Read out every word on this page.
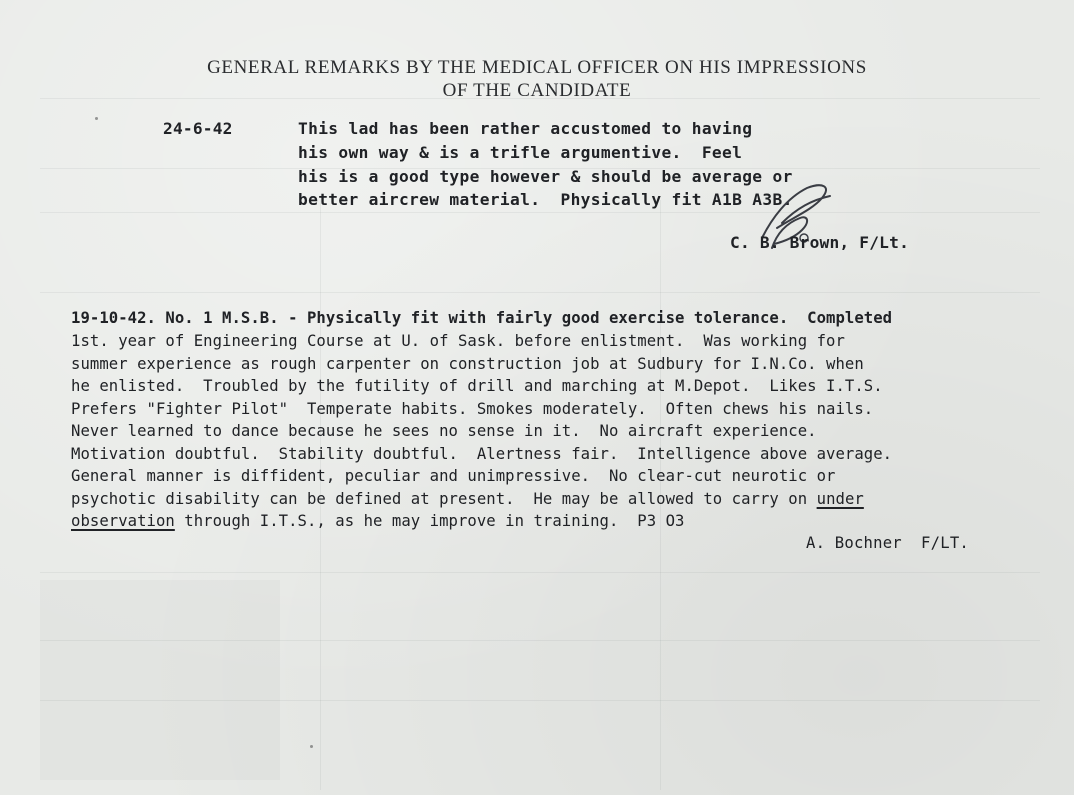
GENERAL REMARKS BY THE MEDICAL OFFICER ON HIS IMPRESSIONS
OF THE CANDIDATE
24-6-42	This lad has been rather accustomed to having
his own way & is a trifle argumentive.  Feel
his is a good type however & should be average or
better aircrew material.  Physically fit A1B A3B.
C. B. Brown, F/Lt.
19-10-42. No. 1 M.S.B. - Physically fit with fairly good exercise tolerance.  Completed
1st. year of Engineering Course at U. of Sask. before enlistment.  Was working for
summer experience as rough carpenter on construction job at Sudbury for I.N.Co. when
he enlisted.  Troubled by the futility of drill and marching at M.Depot.  Likes I.T.S.
Prefers "Fighter Pilot"  Temperate habits. Smokes moderately.  Often chews his nails.
Never learned to dance because he sees no sense in it.  No aircraft experience.
Motivation doubtful.  Stability doubtful.  Alertness fair.  Intelligence above average.
General manner is diffident, peculiar and unimpressive.  No clear-cut neurotic or
psychotic disability can be defined at present.  He may be allowed to carry on under
observation through I.T.S., as he may improve in training.  P3 O3
A. Bochner  F/LT.
